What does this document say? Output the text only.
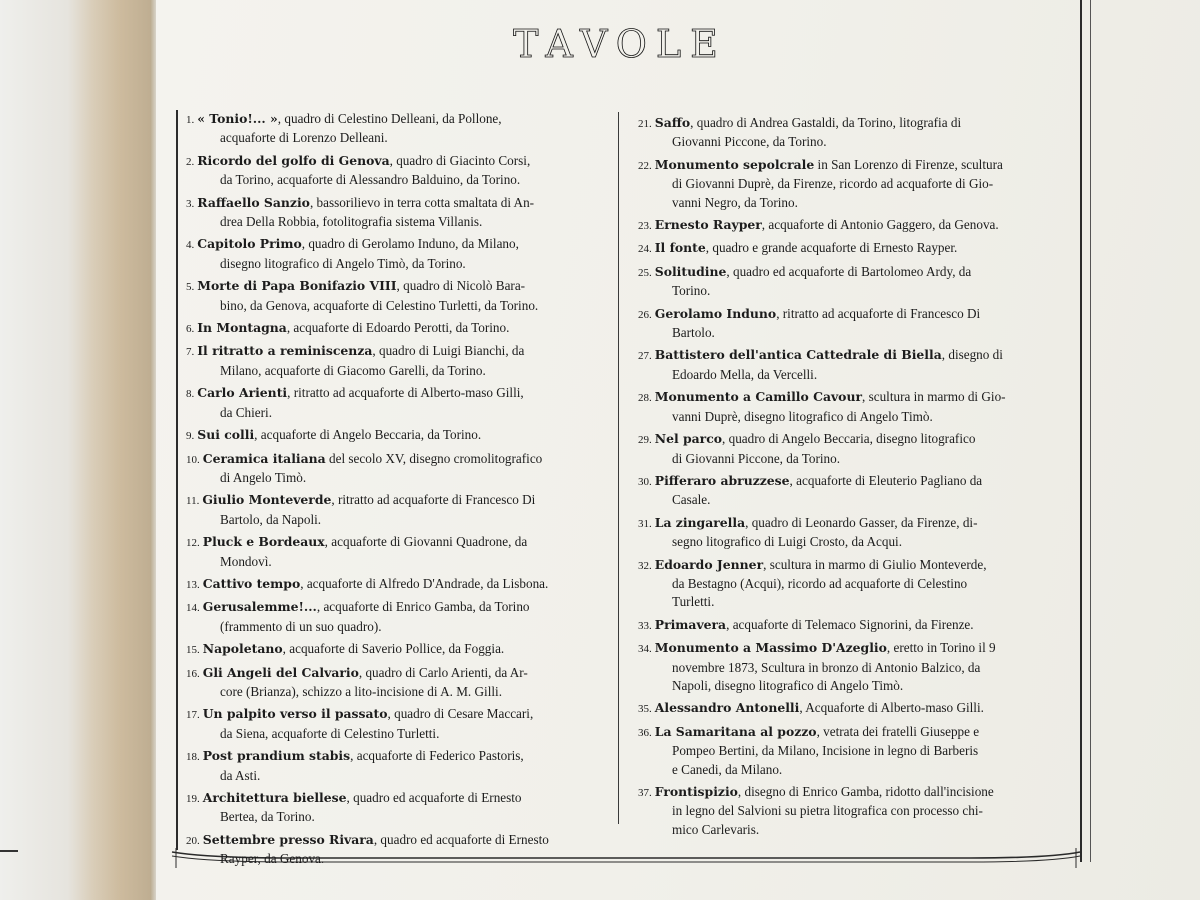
TAVOLE
1. « Tonio!... », quadro di Celestino Delleani, da Pollone,
acquaforte di Lorenzo Delleani.
2. Ricordo del golfo di Genova, quadro di Giacinto Corsi,
da Torino, acquaforte di Alessandro Balduino, da Torino.
3. Raffaello Sanzio, bassorilievo in terra cotta smaltata di An-
drea Della Robbia, fotolitografia sistema Villanis.
4. Capitolo Primo, quadro di Gerolamo Induno, da Milano,
disegno litografico di Angelo Timò, da Torino.
5. Morte di Papa Bonifazio VIII, quadro di Nicolò Bara-
bino, da Genova, acquaforte di Celestino Turletti, da Torino.
6. In Montagna, acquaforte di Edoardo Perotti, da Torino.
7. Il ritratto a reminiscenza, quadro di Luigi Bianchi, da
Milano, acquaforte di Giacomo Garelli, da Torino.
8. Carlo Arienti, ritratto ad acquaforte di Alberto-maso Gilli,
da Chieri.
9. Sui colli, acquaforte di Angelo Beccaria, da Torino.
10. Ceramica italiana del secolo XV, disegno cromolitografico
di Angelo Timò.
11. Giulio Monteverde, ritratto ad acquaforte di Francesco Di
Bartolo, da Napoli.
12. Pluck e Bordeaux, acquaforte di Giovanni Quadrone, da
Mondovì.
13. Cattivo tempo, acquaforte di Alfredo D'Andrade, da Lisbona.
14. Gerusalemme!..., acquaforte di Enrico Gamba, da Torino
(frammento di un suo quadro).
15. Napoletano, acquaforte di Saverio Pollice, da Foggia.
16. Gli Angeli del Calvario, quadro di Carlo Arienti, da Ar-
core (Brianza), schizzo a lito-incisione di A. M. Gilli.
17. Un palpito verso il passato, quadro di Cesare Maccari,
da Siena, acquaforte di Celestino Turletti.
18. Post prandium stabis, acquaforte di Federico Pastoris,
da Asti.
19. Architettura biellese, quadro ed acquaforte di Ernesto
Bertea, da Torino.
20. Settembre presso Rivara, quadro ed acquaforte di Ernesto
Rayper, da Genova.
21. Saffo, quadro di Andrea Gastaldi, da Torino, litografia di
Giovanni Piccone, da Torino.
22. Monumento sepolcrale in San Lorenzo di Firenze, scultura
di Giovanni Duprè, da Firenze, ricordo ad acquaforte di Gio-
vanni Negro, da Torino.
23. Ernesto Rayper, acquaforte di Antonio Gaggero, da Genova.
24. Il fonte, quadro e grande acquaforte di Ernesto Rayper.
25. Solitudine, quadro ed acquaforte di Bartolomeo Ardy, da
Torino.
26. Gerolamo Induno, ritratto ad acquaforte di Francesco Di
Bartolo.
27. Battistero dell'antica Cattedrale di Biella, disegno di
Edoardo Mella, da Vercelli.
28. Monumento a Camillo Cavour, scultura in marmo di Gio-
vanni Duprè, disegno litografico di Angelo Timò.
29. Nel parco, quadro di Angelo Beccaria, disegno litografico
di Giovanni Piccone, da Torino.
30. Pifferaro abruzzese, acquaforte di Eleuterio Pagliano da
Casale.
31. La zingarella, quadro di Leonardo Gasser, da Firenze, di-
segno litografico di Luigi Crosto, da Acqui.
32. Edoardo Jenner, scultura in marmo di Giulio Monteverde,
da Bestagno (Acqui), ricordo ad acquaforte di Celestino
Turletti.
33. Primavera, acquaforte di Telemaco Signorini, da Firenze.
34. Monumento a Massimo D'Azeglio, eretto in Torino il 9
novembre 1873, Scultura in bronzo di Antonio Balzico, da
Napoli, disegno litografico di Angelo Timò.
35. Alessandro Antonelli, Acquaforte di Alberto-maso Gilli.
36. La Samaritana al pozzo, vetrata dei fratelli Giuseppe e
Pompeo Bertini, da Milano, Incisione in legno di Barberis
e Canedi, da Milano.
37. Frontispizio, disegno di Enrico Gamba, ridotto dall'incisione
in legno del Salvioni su pietra litografica con processo chi-
mico Carlevaris.
